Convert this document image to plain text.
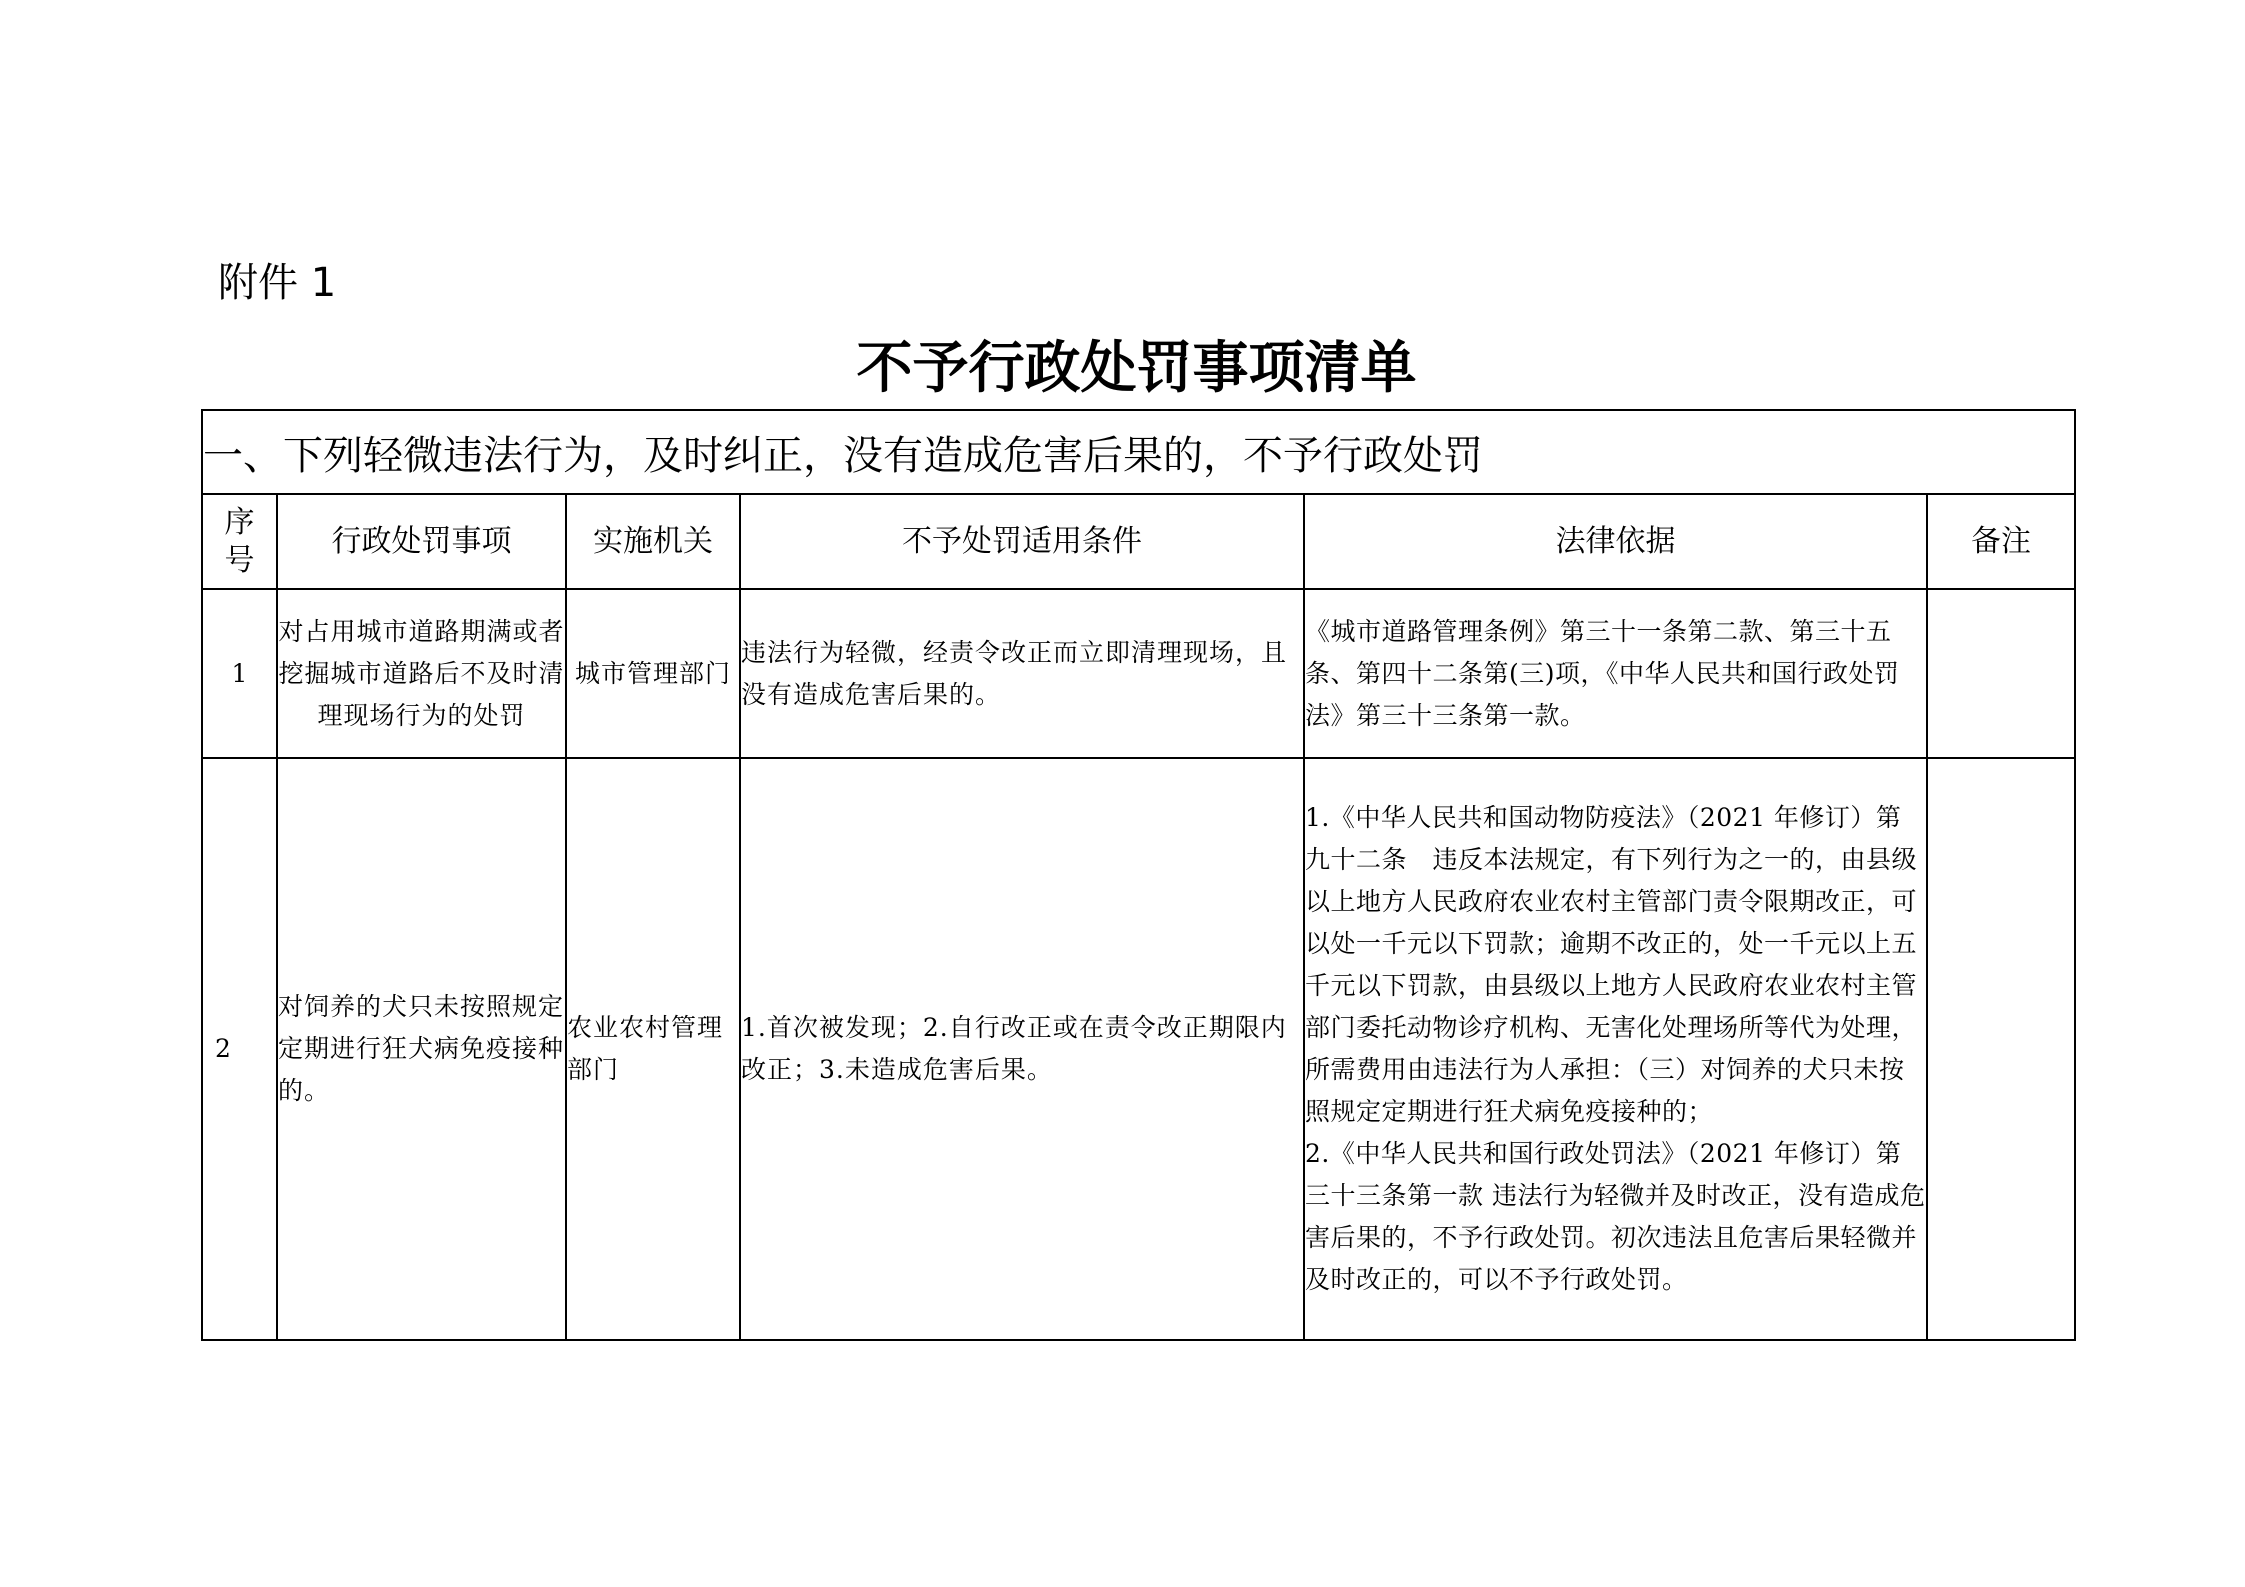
附件 1
不予行政处罚事项清单
一、下列轻微违法行为，及时纠正，没有造成危害后果的，不予行政处罚					

序号	行政处罚事项	实施机关	不予处罚适用条件	法律依据	备注
1	对占用城市道路期满或者挖掘城市道路后不及时清理现场行为的处罚	城市管理部门	违法行为轻微，经责令改正而立即清理现场，且没有造成危害后果的。	《城市道路管理条例》第三十一条第二款、第三十五条、第四十二条第(三)项，《中华人民共和国行政处罚法》第三十三条第一款。	

2	对饲养的犬只未按照规定定期进行狂犬病免疫接种的。	农业农村管理部门	1.首次被发现；2.自行改正或在责令改正期限内改正；3.未造成危害后果。	1.《中华人民共和国动物防疫法》（2021 年修订）第九十二条　违反本法规定，有下列行为之一的，由县级以上地方人民政府农业农村主管部门责令限期改正，可以处一千元以下罚款；逾期不改正的，处一千元以上五千元以下罚款，由县级以上地方人民政府农业农村主管部门委托动物诊疗机构、无害化处理场所等代为处理，所需费用由违法行为人承担：（三）对饲养的犬只未按照规定定期进行狂犬病免疫接种的；
2.《中华人民共和国行政处罚法》（2021 年修订）第三十三条第一款 违法行为轻微并及时改正，没有造成危害后果的，不予行政处罚。初次违法且危害后果轻微并及时改正的，可以不予行政处罚。	
